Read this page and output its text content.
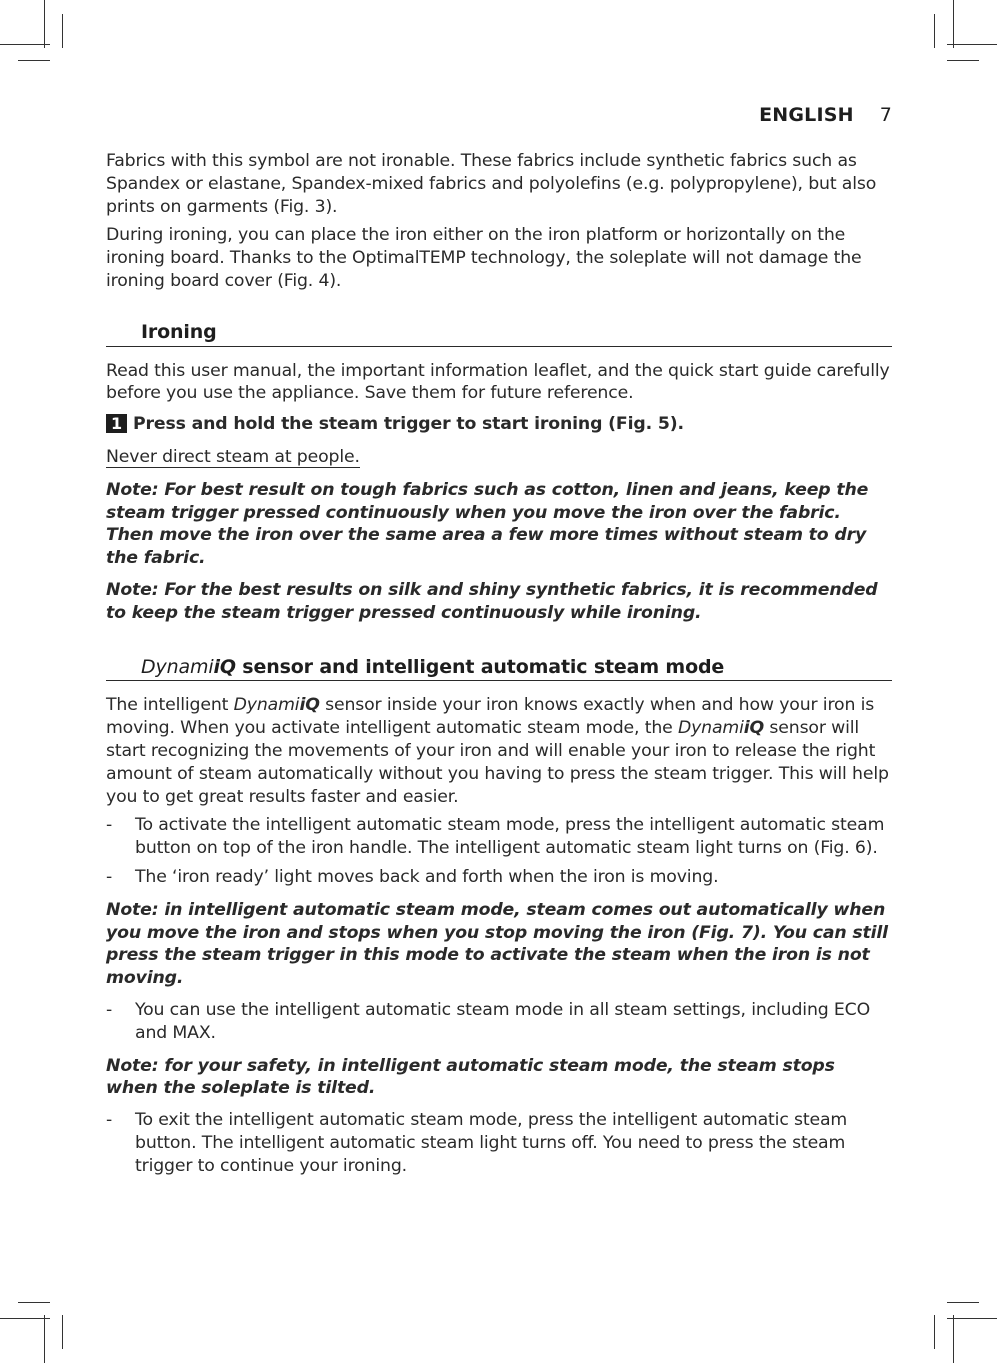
ENGLISH 7

Fabrics with this symbol are not ironable. These fabrics include synthetic fabrics such as Spandex or elastane, Spandex-mixed fabrics and polyolefins (e.g. polypropylene), but also prints on garments (Fig. 3).

During ironing, you can place the iron either on the iron platform or horizontally on the ironing board. Thanks to the OptimalTEMP technology, the soleplate will not damage the ironing board cover (Fig. 4).

Ironing

Read this user manual, the important information leaflet, and the quick start guide carefully before you use the appliance. Save them for future reference.

1 Press and hold the steam trigger to start ironing (Fig. 5).
Never direct steam at people.

Note: For best result on tough fabrics such as cotton, linen and jeans, keep the steam trigger pressed continuously when you move the iron over the fabric. Then move the iron over the same area a few more times without steam to dry the fabric.

Note: For the best results on silk and shiny synthetic fabrics, it is recommended to keep the steam trigger pressed continuously while ironing.

DynamiiQ sensor and intelligent automatic steam mode

The intelligent DynamiiQ sensor inside your iron knows exactly when and how your iron is moving. When you activate intelligent automatic steam mode, the DynamiiQ sensor will start recognizing the movements of your iron and will enable your iron to release the right amount of steam automatically without you having to press the steam trigger. This will help you to get great results faster and easier.

- To activate the intelligent automatic steam mode, press the intelligent automatic steam button on top of the iron handle. The intelligent automatic steam light turns on (Fig. 6).
- The ‘iron ready’ light moves back and forth when the iron is moving.

Note: in intelligent automatic steam mode, steam comes out automatically when you move the iron and stops when you stop moving the iron (Fig. 7). You can still press the steam trigger in this mode to activate the steam when the iron is not moving.

- You can use the intelligent automatic steam mode in all steam settings, including ECO and MAX.

Note: for your safety, in intelligent automatic steam mode, the steam stops when the soleplate is tilted.

- To exit the intelligent automatic steam mode, press the intelligent automatic steam button. The intelligent automatic steam light turns off. You need to press the steam trigger to continue your ironing.
